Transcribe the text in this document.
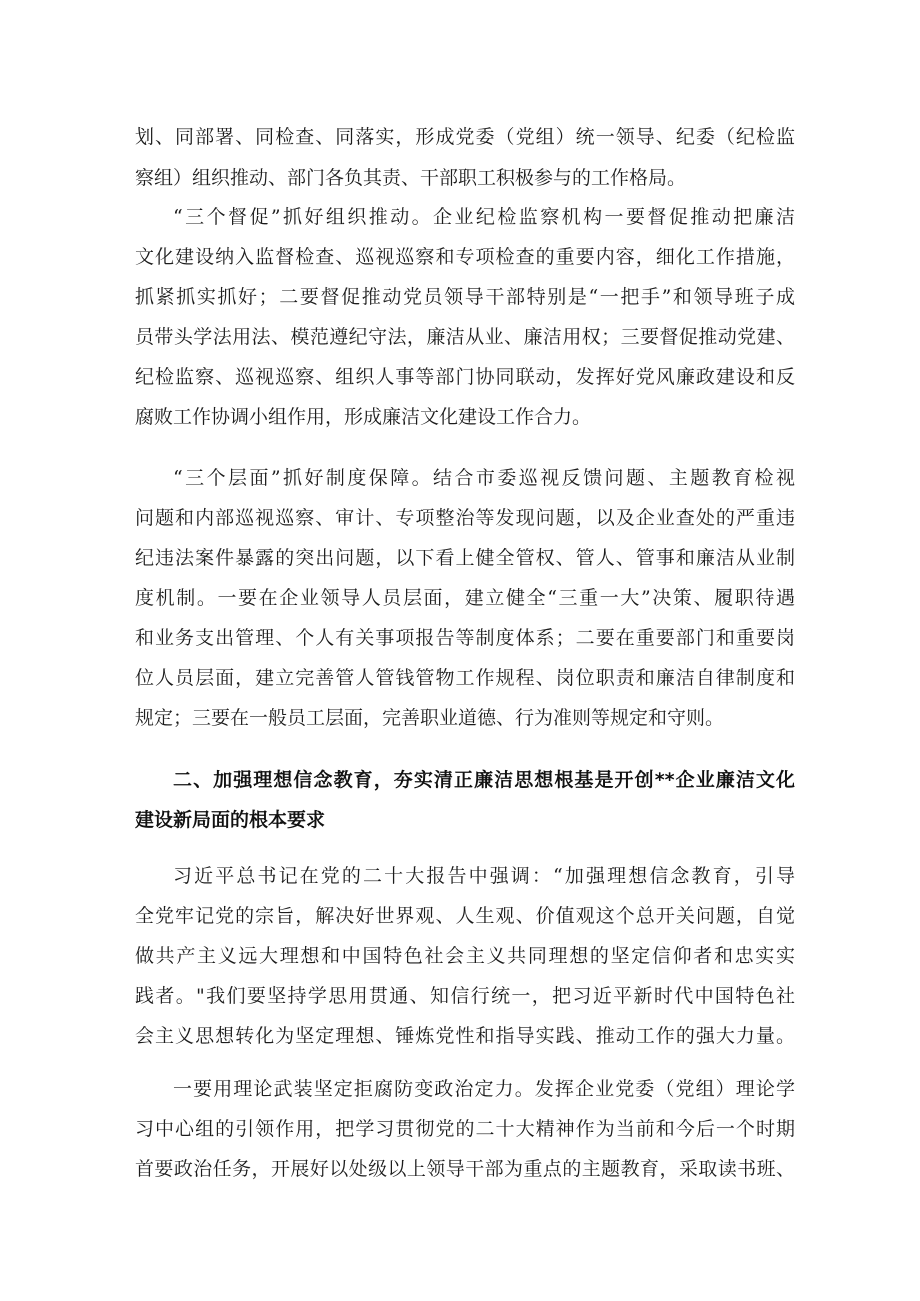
划、同部署、同检查、同落实，形成党委（党组）统一领导、纪委（纪检监
察组）组织推动、部门各负其责、干部职工积极参与的工作格局。
“三个督促”抓好组织推动。企业纪检监察机构一要督促推动把廉洁
文化建设纳入监督检查、巡视巡察和专项检查的重要内容，细化工作措施，
抓紧抓实抓好；二要督促推动党员领导干部特别是“一把手”和领导班子成
员带头学法用法、模范遵纪守法，廉洁从业、廉洁用权；三要督促推动党建、
纪检监察、巡视巡察、组织人事等部门协同联动，发挥好党风廉政建设和反
腐败工作协调小组作用，形成廉洁文化建设工作合力。
“三个层面”抓好制度保障。结合市委巡视反馈问题、主题教育检视
问题和内部巡视巡察、审计、专项整治等发现问题，以及企业查处的严重违
纪违法案件暴露的突出问题，以下看上健全管权、管人、管事和廉洁从业制
度机制。一要在企业领导人员层面，建立健全“三重一大”决策、履职待遇
和业务支出管理、个人有关事项报告等制度体系；二要在重要部门和重要岗
位人员层面，建立完善管人管钱管物工作规程、岗位职责和廉洁自律制度和
规定；三要在一般员工层面，完善职业道德、行为准则等规定和守则。
二、加强理想信念教育，夯实清正廉洁思想根基是开创**企业廉洁文化
建设新局面的根本要求
习近平总书记在党的二十大报告中强调：“加强理想信念教育，引导
全党牢记党的宗旨，解决好世界观、人生观、价值观这个总开关问题，自觉
做共产主义远大理想和中国特色社会主义共同理想的坚定信仰者和忠实实
践者。"我们要坚持学思用贯通、知信行统一，把习近平新时代中国特色社
会主义思想转化为坚定理想、锤炼党性和指导实践、推动工作的强大力量。
一要用理论武装坚定拒腐防变政治定力。发挥企业党委（党组）理论学
习中心组的引领作用，把学习贯彻党的二十大精神作为当前和今后一个时期
首要政治任务，开展好以处级以上领导干部为重点的主题教育，采取读书班、
